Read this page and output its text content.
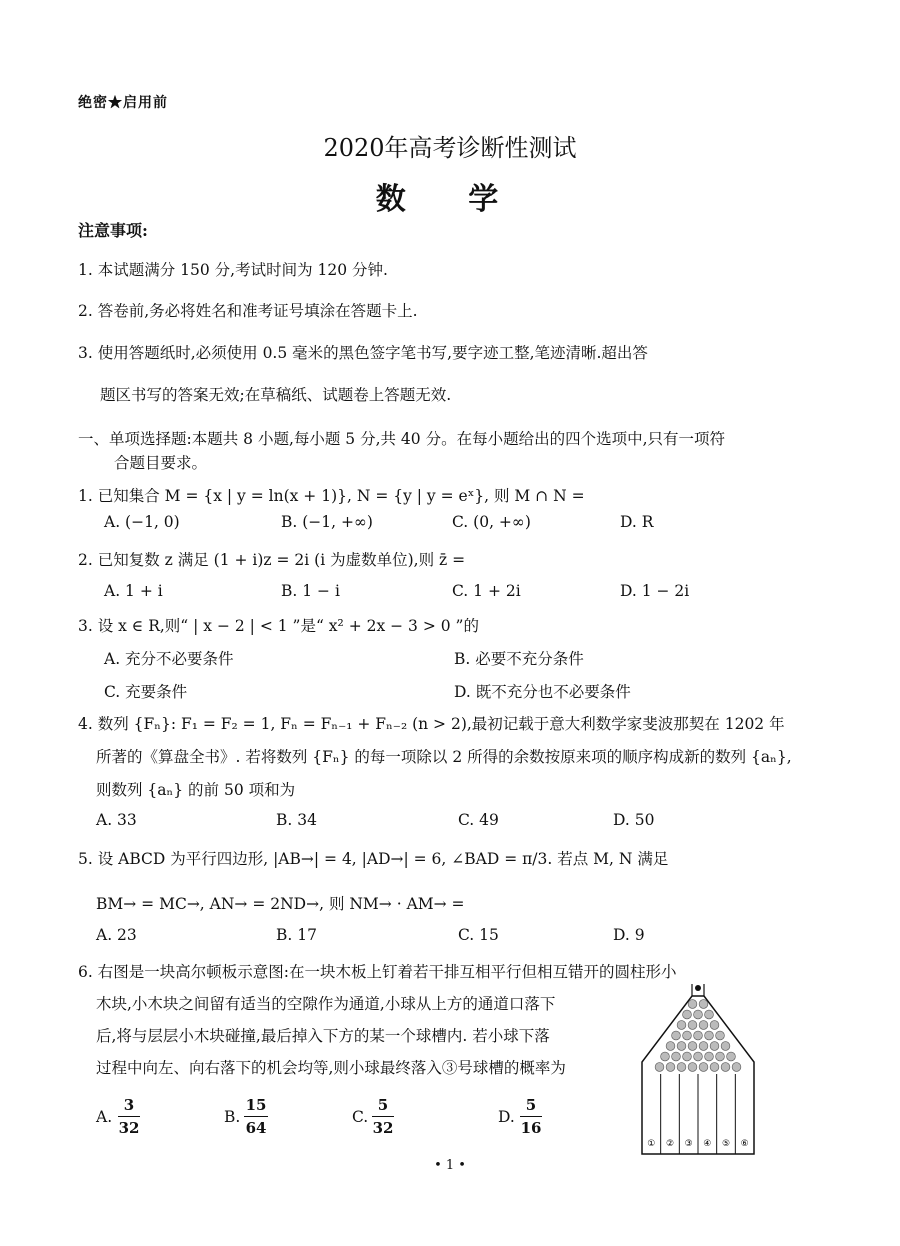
绝密★启用前
2020年高考诊断性测试
数 学
注意事项:
1. 本试题满分 150 分,考试时间为 120 分钟.
2. 答卷前,务必将姓名和准考证号填涂在答题卡上.
3. 使用答题纸时,必须使用 0.5 毫米的黑色签字笔书写,要字迹工整,笔迹清晰.超出答
题区书写的答案无效;在草稿纸、试题卷上答题无效.
一、单项选择题:本题共 8 小题,每小题 5 分,共 40 分。在每小题给出的四个选项中,只有一项符
合题目要求。
1. 已知集合 M = {x | y = ln(x + 1)}, N = {y | y = eˣ}, 则 M ∩ N =
A. (−1, 0)	B. (−1, +∞)	C. (0, +∞)	D. R
2. 已知复数 z 满足 (1 + i)z = 2i (i 为虚数单位),则 z̄ =
A. 1 + i	B. 1 − i	C. 1 + 2i	D. 1 − 2i
3. 设 x ∈ R,则“ | x − 2 | < 1 ”是“ x² + 2x − 3 > 0 ”的
A. 充分不必要条件	B. 必要不充分条件
C. 充要条件	D. 既不充分也不必要条件
4. 数列 {Fₙ}: F₁ = F₂ = 1, Fₙ = Fₙ₋₁ + Fₙ₋₂ (n > 2),最初记载于意大利数学家斐波那契在 1202 年
所著的《算盘全书》. 若将数列 {Fₙ} 的每一项除以 2 所得的余数按原来项的顺序构成新的数列 {aₙ},
则数列 {aₙ} 的前 50 项和为
A. 33	B. 34	C. 49	D. 50
5. 设 ABCD 为平行四边形, |AB→| = 4, |AD→| = 6, ∠BAD = π/3. 若点 M, N 满足
BM→ = MC→, AN→ = 2ND→, 则 NM→ · AM→ =
A. 23	B. 17	C. 15	D. 9
6. 右图是一块高尔顿板示意图:在一块木板上钉着若干排互相平行但相互错开的圆柱形小
木块,小木块之间留有适当的空隙作为通道,小球从上方的通道口落下
后,将与层层小木块碰撞,最后掉入下方的某一个球槽内. 若小球下落
过程中向左、向右落下的机会均等,则小球最终落入③号球槽的概率为
A.
3
32
B.
15
64
C.
5
32
D.
5
16
① ② ③ ④ ⑤ ⑥
• 1 •
